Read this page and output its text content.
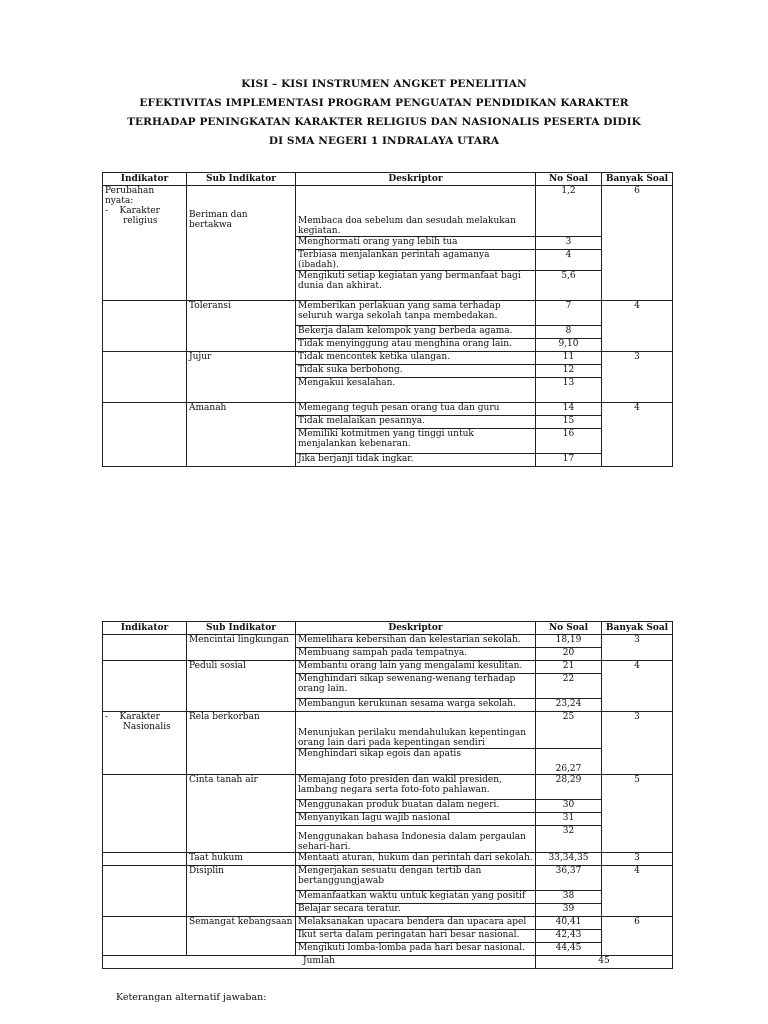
KISI – KISI INSTRUMEN ANGKET PENELITIAN
EFEKTIVITAS IMPLEMENTASI PROGRAM PENGUATAN PENDIDIKAN KARAKTER
TERHADAP PENINGKATAN KARAKTER RELIGIUS DAN NASIONALIS PESERTA DIDIK
DI SMA NEGERI 1 INDRALAYA UTARA
Indikator	Sub Indikator	Deskriptor	No Soal	Banyak Soal
Perubahan nyata:
- Karakter religius	Beriman dan bertakwa	Membaca doa sebelum dan sesudah melakukan kegiatan.	1,2	6
		Menghormati orang yang lebih tua	3	
		Terbiasa menjalankan perintah agamanya (ibadah).	4	
		Mengikuti setiap kegiatan yang bermanfaat bagi dunia dan akhirat.	5,6	
	Toleransi	Memberikan perlakuan yang sama terhadap seluruh warga sekolah tanpa membedakan.	7	4
		Bekerja dalam kelompok yang berbeda agama.	8	
		Tidak menyinggung atau menghina orang lain.	9,10	
	Jujur	Tidak mencontek ketika ulangan.	11	3
		Tidak suka berbohong.	12	
		Mengakui kesalahan.	13	
	Amanah	Memegang teguh pesan orang tua dan guru	14	4
		Tidak melalaikan pesannya.	15	
		Memiliki kotmitmen yang tinggi untuk menjalankan kebenaran.	16	
		Jika berjanji tidak ingkar.	17	
Indikator	Sub Indikator	Deskriptor	No Soal	Banyak Soal
	Mencintai lingkungan	Memelihara kebersihan dan kelestarian sekolah.	18,19	3
		Membuang sampah pada tempatnya.	20	
	Peduli sosial	Membantu orang lain yang mengalami kesulitan.	21	4
		Menghindari sikap sewenang-wenang terhadap orang lain.	22	
		Membangun kerukunan sesama warga sekolah.	23,24	

- Karakter Nasionalis	Rela berkorban	Menunjukan perilaku mendahulukan kepentingan orang lain dari pada kepentingan sendiri	25	3
		Menghindari sikap egois dan apatis	26,27	
	Cinta tanah air	Memajang foto presiden dan wakil presiden, lambang negara serta foto-foto pahlawan.	28,29	5
		Menggunakan produk buatan dalam negeri.	30	
		Menyanyikan lagu wajib nasional	31	
		Menggunakan bahasa Indonesia dalam pergaulan sehari-hari.	32	
	Taat hukum	Mentaati aturan, hukum dan perintah dari sekolah.	33,34,35	3
	Disiplin	Mengerjakan sesuatu dengan tertib dan bertanggungjawab	36,37	4
		Memanfaatkan waktu untuk kegiatan yang positif	38	
		Belajar secara teratur.	39	
	Semangat kebangsaan	Melaksanakan upacara bendera dan upacara apel	40,41	6
		Ikut serta dalam peringatan hari besar nasional.	42,43	
		Mengikuti lomba-lomba pada hari besar nasional.	44,45	
Jumlah			45	
Keterangan alternatif jawaban:
